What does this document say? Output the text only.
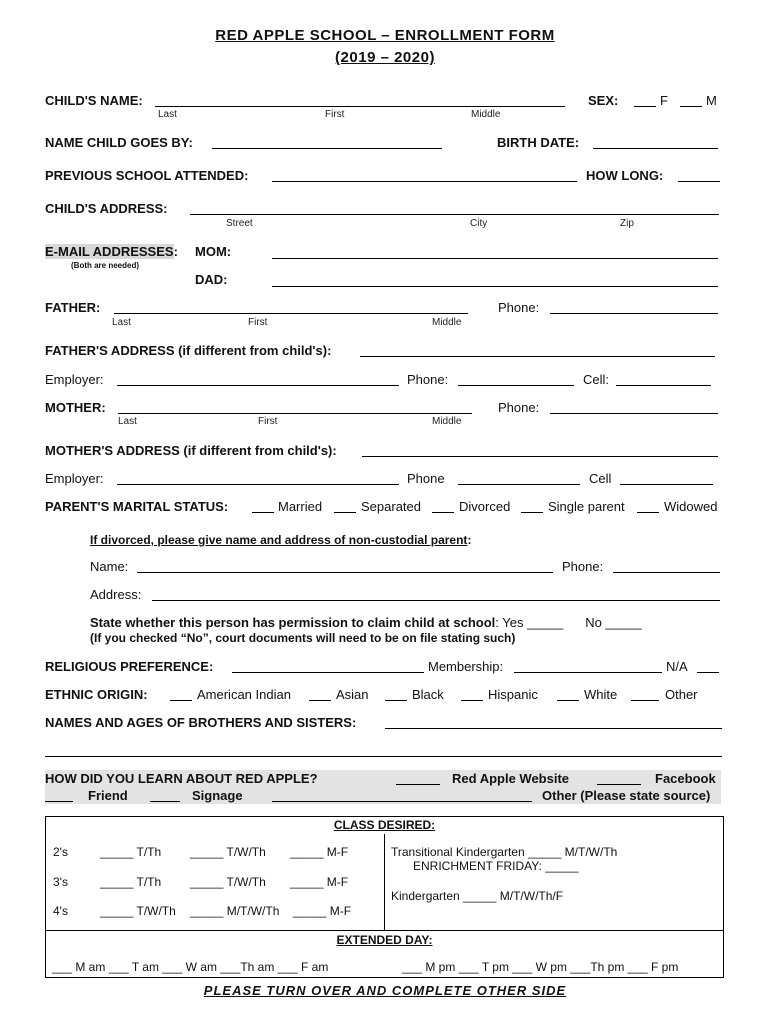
RED APPLE SCHOOL – ENROLLMENT FORM
(2019 – 2020)
CHILD'S NAME:
Last	First	Middle
SEX:	F	M
NAME CHILD GOES BY:	BIRTH DATE:
PREVIOUS SCHOOL ATTENDED:	HOW LONG:
CHILD'S ADDRESS:
Street	City	Zip
E-MAIL ADDRESSES: MOM:
(Both are needed)
DAD:
FATHER:	Phone:
Last	First	Middle
FATHER'S ADDRESS (if different from child's):
Employer:	Phone:	Cell:
MOTHER:	Phone:
Last	First	Middle
MOTHER'S ADDRESS (if different from child's):
Employer:	Phone	Cell
PARENT'S MARITAL STATUS:	Married	Separated	Divorced	Single parent	Widowed
If divorced, please give name and address of non-custodial parent:
Name:	Phone:
Address:
State whether this person has permission to claim child at school: Yes _____ No _____
(If you checked “No”, court documents will need to be on file stating such)
RELIGIOUS PREFERENCE:	Membership:	N/A
ETHNIC ORIGIN:	American Indian	Asian	Black	Hispanic	White	Other
NAMES AND AGES OF BROTHERS AND SISTERS:
HOW DID YOU LEARN ABOUT RED APPLE?	Red Apple Website	Facebook
Friend	Signage	Other (Please state source)
CLASS DESIRED:
2's	_____ T/Th _____ T/W/Th _____ M-F
3's	_____ T/Th _____ T/W/Th _____ M-F
4's	_____ T/W/Th _____ M/T/W/Th _____ M-F
Transitional Kindergarten _____ M/T/W/Th
ENRICHMENT FRIDAY: _____
Kindergarten _____ M/T/W/Th/F
EXTENDED DAY:
___ M am ___ T am ___ W am ___Th am ___ F am	___ M pm ___ T pm ___ W pm ___Th pm ___ F pm
PLEASE TURN OVER AND COMPLETE OTHER SIDE
